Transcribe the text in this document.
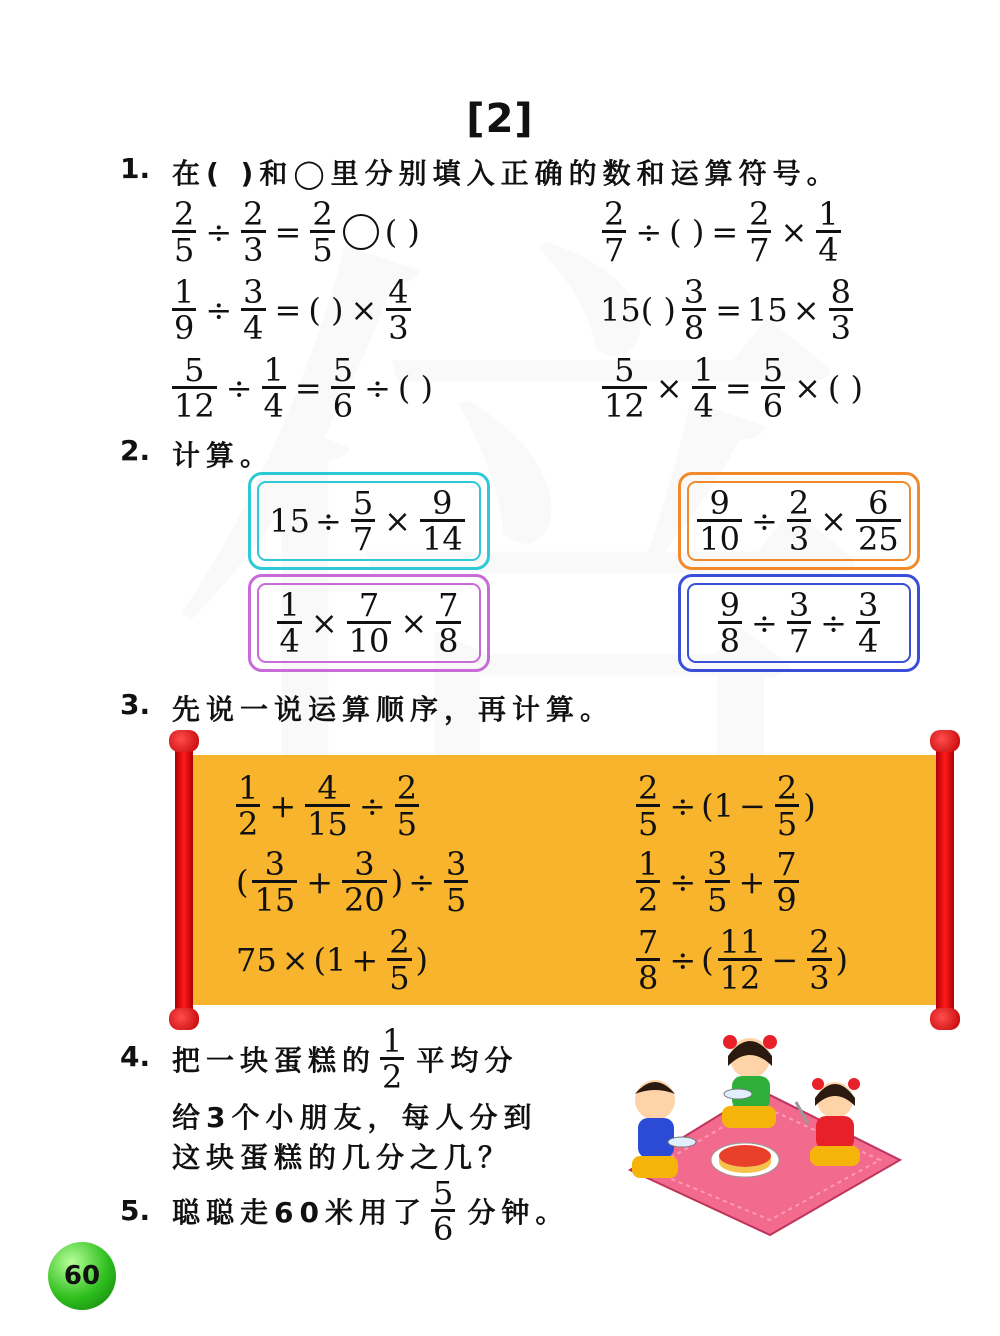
[2]
1. 在( )和◯里分别填入正确的数和运算符号。
$\frac{2}{5} \div \frac{2}{3} = \frac{2}{5}$ ( )	$\frac{2}{7}$ ÷ ( ) = $\frac{2}{7} \times \frac{1}{4}$
$\frac{1}{9} \div \frac{3}{4}$ = ( ) × $\frac{4}{3}$	15( ) $\frac{3}{8} = 15 \times \frac{8}{3}$
$\frac{5}{12} \div \frac{1}{4} = \frac{5}{6}$ ÷ ( )	$\frac{5}{12} \times \frac{1}{4} = \frac{5}{6}$ × ( )
2. 计算。
$15 \div \frac{5}{7} \times \frac{9}{14}$	$\frac{9}{10} \div \frac{2}{3} \times \frac{6}{25}$
$\frac{1}{4} \times \frac{7}{10} \times \frac{7}{8}$	$\frac{9}{8} \div \frac{3}{7} \div \frac{3}{4}$
3. 先说一说运算顺序，再计算。
$\frac{1}{2} + \frac{4}{15} \div \frac{2}{5}$	$\frac{2}{5} \div (1 - \frac{2}{5}$ )
( $\frac{3}{15} + \frac{3}{20}$ ) ÷ $\frac{3}{5}$	$\frac{1}{2} \div \frac{3}{5} + \frac{7}{9}$
$75 \times (1 + \frac{2}{5}$ )	$\frac{7}{8}$ ÷ ( $\frac{11}{12} - \frac{2}{3}$ )
4. 把一块蛋糕的 $\frac{1}{2}$ 平均分
给3个小朋友，每人分到
这块蛋糕的几分之几？
5. 聪聪走60米用了 $\frac{5}{6}$ 分钟。
60
